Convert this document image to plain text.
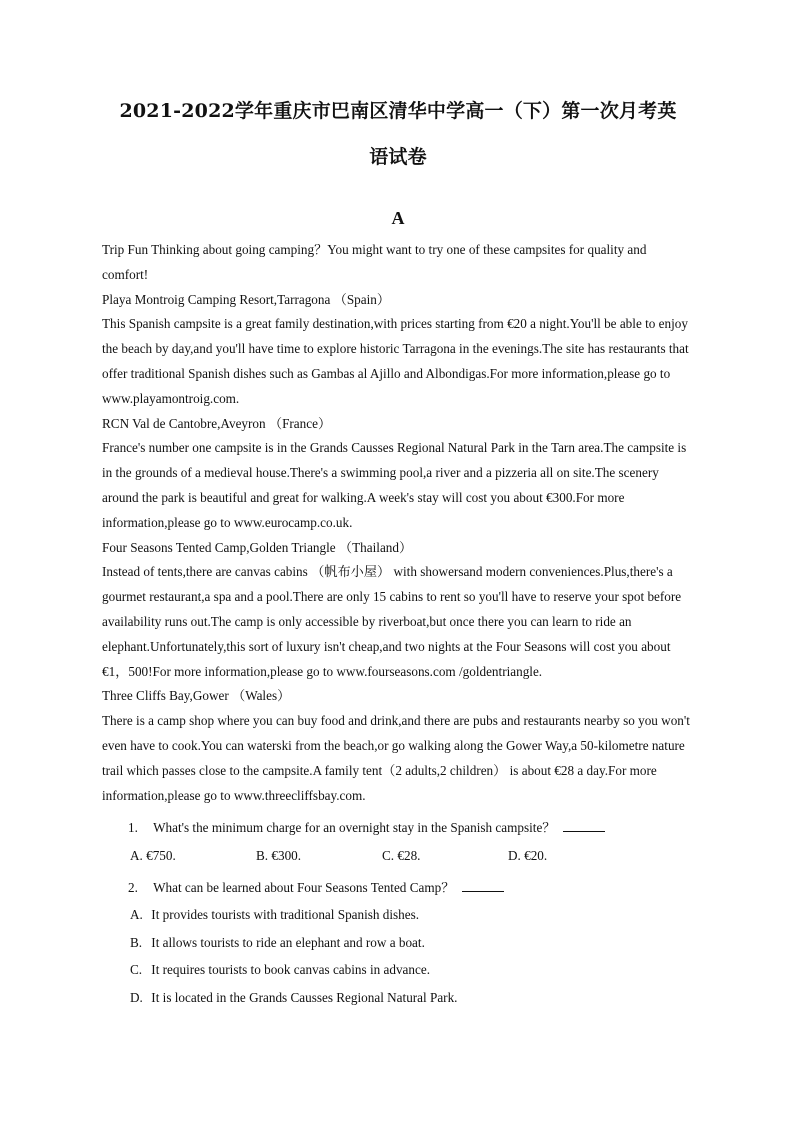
2021-2022学年重庆市巴南区清华中学高一（下）第一次月考英
语试卷
A

Trip Fun Thinking about going camping？You might want to try one of these campsites for quality and comfort!

Playa Montroig Camping Resort,Tarragona （Spain）

This Spanish campsite is a great family destination,with prices starting from €20 a night.You'll be able to enjoy the beach by day,and you'll have time to explore historic Tarragona in the evenings.The site has restaurants that offer traditional Spanish dishes such as Gambas al Ajillo and Albondigas.For more information,please go to www.playamontroig.com.

RCN Val de Cantobre,Aveyron （France）

France's number one campsite is in the Grands Causses Regional Natural Park in the Tarn area.The campsite is in the grounds of a medieval house.There's a swimming pool,a river and a pizzeria all on site.The scenery around the park is beautiful and great for walking.A week's stay will cost you about €300.For more information,please go to www.eurocamp.co.uk.

Four Seasons Tented Camp,Golden Triangle （Thailand）

Instead of tents,there are canvas cabins （帆布小屋） with showersand modern conveniences.Plus,there's a gourmet restaurant,a spa and a pool.There are only 15 cabins to rent so you'll have to reserve your spot before availability runs out.The camp is only accessible by riverboat,but once there you can learn to ride an elephant.Unfortunately,this sort of luxury isn't cheap,and two nights at the Four Seasons will cost you about €1，500!For more information,please go to www.fourseasons.com /goldentriangle.

Three Cliffs Bay,Gower （Wales）

There is a camp shop where you can buy food and drink,and there are pubs and restaurants nearby so you won't even have to cook.You can waterski from the beach,or go walking along the Gower Way,a 50-kilometre nature trail which passes close to the campsite.A family tent（2 adults,2 children） is about €28 a day.For more information,please go to www.threecliffsbay.com.

1. What's the minimum charge for an overnight stay in the Spanish campsite？
A. €750.	B. €300.	C. €28.	D. €20.
2. What can be learned about Four Seasons Tented Camp？
A. It provides tourists with traditional Spanish dishes.
B. It allows tourists to ride an elephant and row a boat.
C. It requires tourists to book canvas cabins in advance.
D. It is located in the Grands Causses Regional Natural Park.
